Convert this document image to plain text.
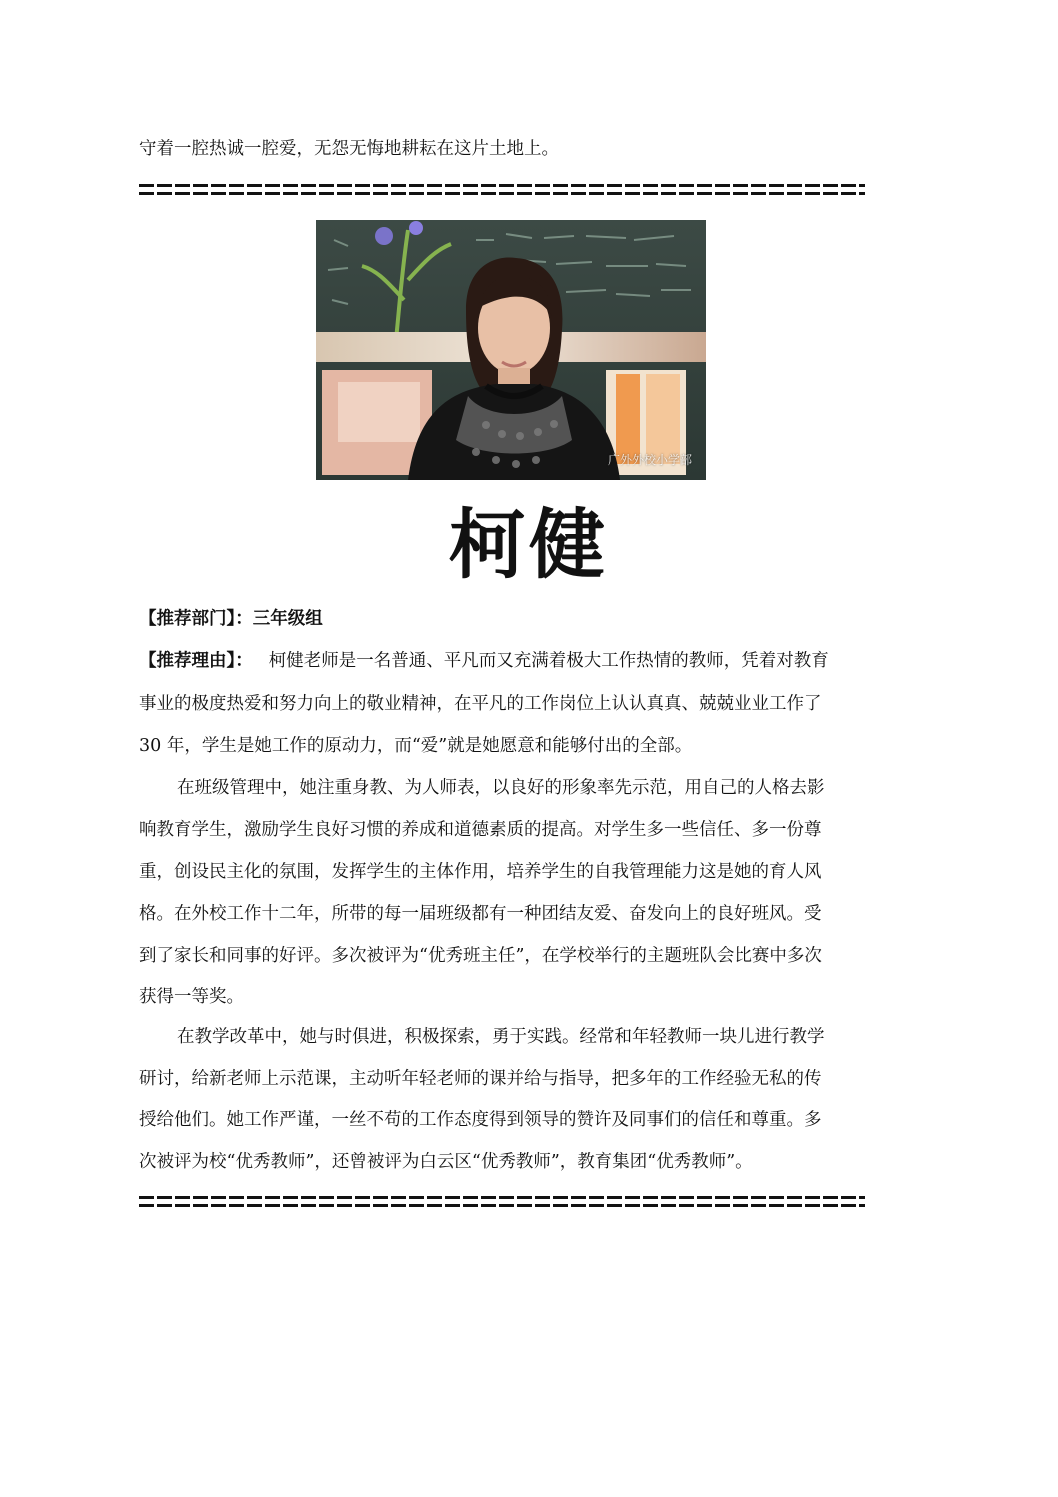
守着一腔热诚一腔爱，无怨无悔地耕耘在这片土地上。
广外外校小学部
柯健
【推荐部门】：三年级组
【推荐理由】： 柯健老师是一名普通、平凡而又充满着极大工作热情的教师，凭着对教育
事业的极度热爱和努力向上的敬业精神，在平凡的工作岗位上认认真真、兢兢业业工作了
30 年，学生是她工作的原动力，而“爱”就是她愿意和能够付出的全部。
在班级管理中，她注重身教、为人师表，以良好的形象率先示范，用自己的人格去影
响教育学生，激励学生良好习惯的养成和道德素质的提高。对学生多一些信任、多一份尊
重，创设民主化的氛围，发挥学生的主体作用，培养学生的自我管理能力这是她的育人风
格。在外校工作十二年，所带的每一届班级都有一种团结友爱、奋发向上的良好班风。受
到了家长和同事的好评。多次被评为“优秀班主任”，在学校举行的主题班队会比赛中多次
获得一等奖。
在教学改革中，她与时俱进，积极探索，勇于实践。经常和年轻教师一块儿进行教学
研讨，给新老师上示范课，主动听年轻老师的课并给与指导，把多年的工作经验无私的传
授给他们。她工作严谨，一丝不苟的工作态度得到领导的赞许及同事们的信任和尊重。多
次被评为校“优秀教师”，还曾被评为白云区“优秀教师”，教育集团“优秀教师”。
